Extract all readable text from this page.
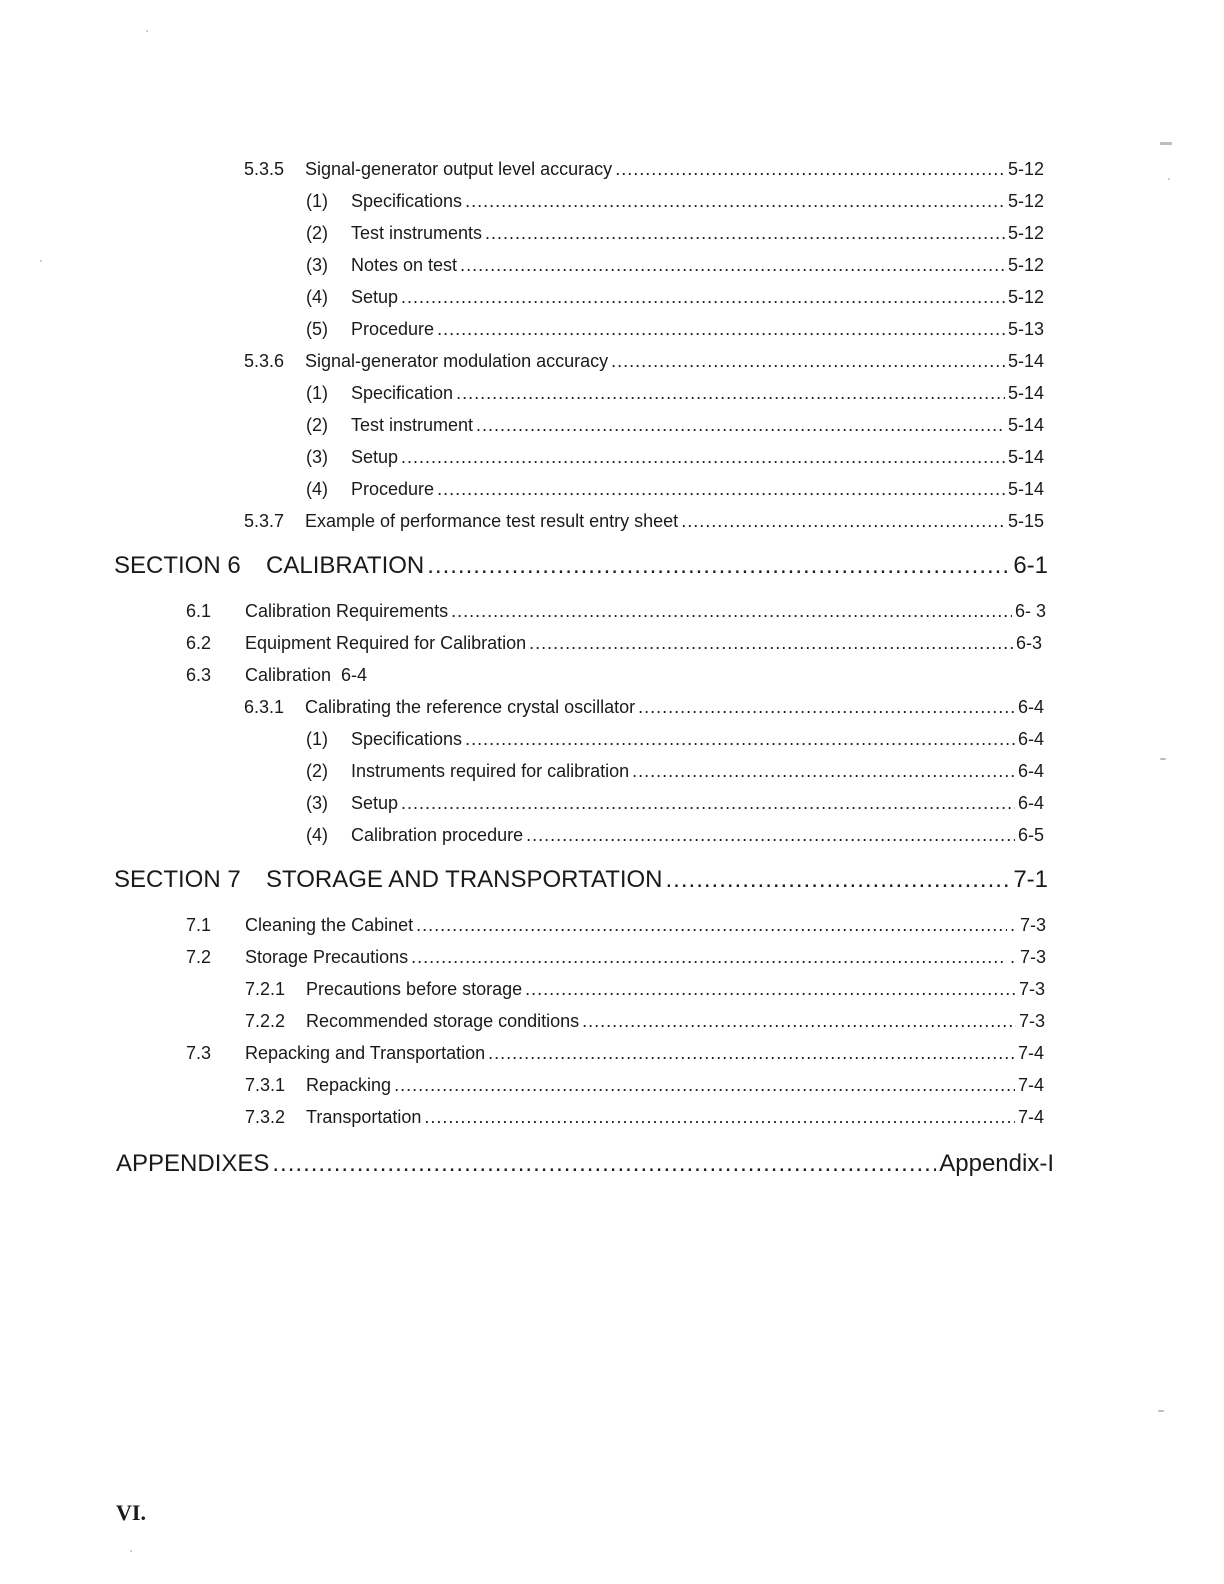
5.3.5	Signal-generator output level accuracy .....	5-12
(1)	Specifications .....	5-12
(2)	Test instruments .....	5-12
(3)	Notes on test .....	5-12
(4)	Setup .....	5-12
(5)	Procedure .....	5-13
5.3.6	Signal-generator modulation accuracy .....	5-14
(1)	Specification .....	5-14
(2)	Test instrument .....	5-14
(3)	Setup .....	5-14
(4)	Procedure .....	5-14
5.3.7	Example of performance test result entry sheet .....	5-15
SECTION 6	CALIBRATION .....	6-1
6.1	Calibration Requirements .....	6- 3
6.2	Equipment Required for Calibration .....	6-3
6.3	Calibration  6-4
6.3.1	Calibrating the reference crystal oscillator .....	6-4
(1)	Specifications .....	6-4
(2)	Instruments required for calibration .....	6-4
(3)	Setup .....	6-4
(4)	Calibration procedure .....	6-5
SECTION 7	STORAGE AND TRANSPORTATION .....	7-1
7.1	Cleaning the Cabinet .....	. 7-3
7.2	Storage Precautions .....	. 7-3
7.2.1	Precautions before storage .....	7-3
7.2.2	Recommended storage conditions .....	7-3
7.3	Repacking and Transportation .....	7-4
7.3.1	Repacking .....	7-4
7.3.2	Transportation .....	7-4
APPENDIXES .....	Appendix-I
VI.
